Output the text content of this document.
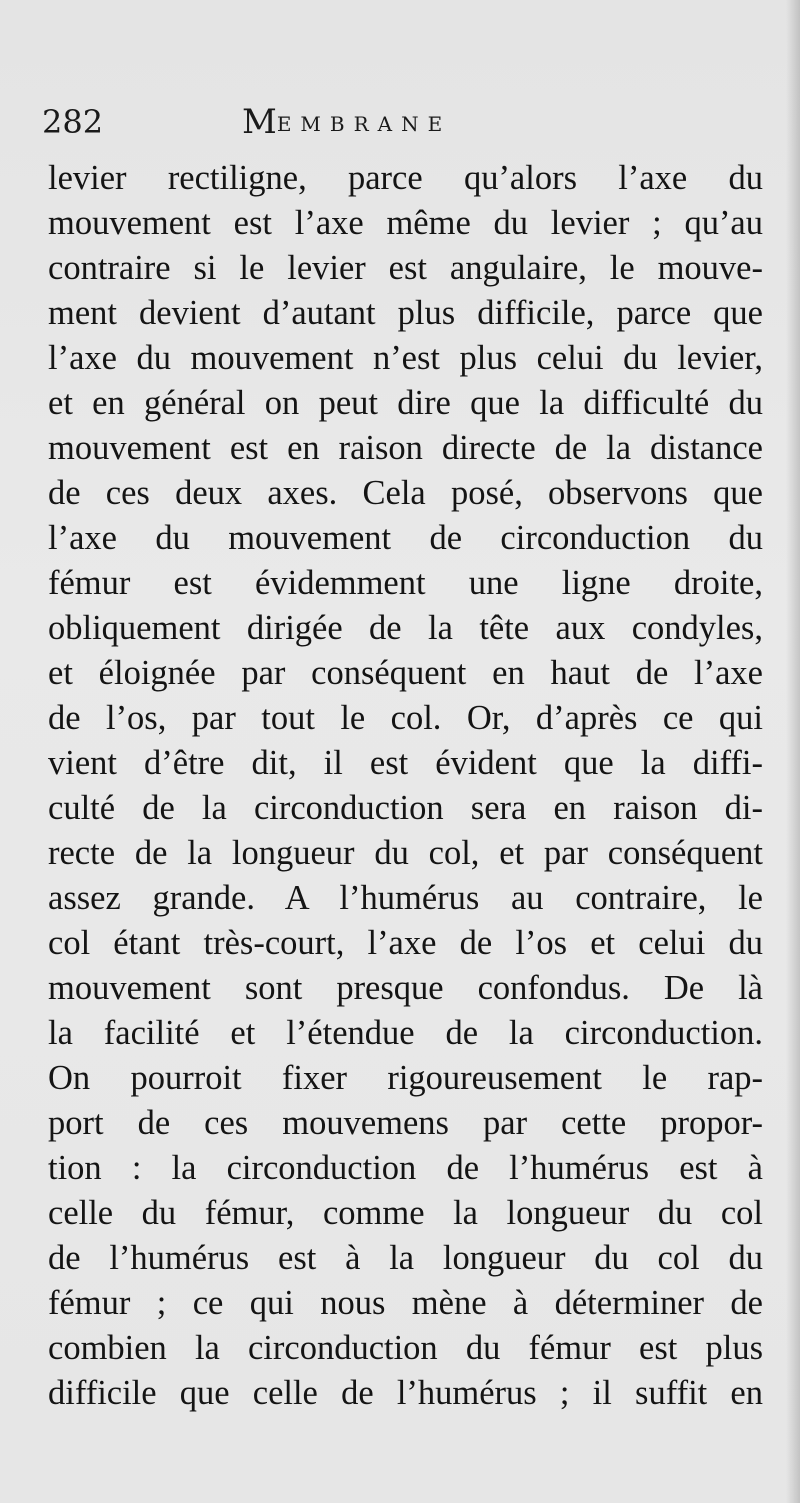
282	MEMBRANE
levier rectiligne, parce qu’alors l’axe du
mouvement est l’axe même du levier ; qu’au
contraire si le levier est angulaire, le mouve-
ment devient d’autant plus difficile, parce que
l’axe du mouvement n’est plus celui du levier,
et en général on peut dire que la difficulté du
mouvement est en raison directe de la distance
de ces deux axes. Cela posé, observons que
l’axe du mouvement de circonduction du
fémur est évidemment une ligne droite,
obliquement dirigée de la tête aux condyles,
et éloignée par conséquent en haut de l’axe
de l’os, par tout le col. Or, d’après ce qui
vient d’être dit, il est évident que la diffi-
culté de la circonduction sera en raison di-
recte de la longueur du col, et par conséquent
assez grande. A l’humérus au contraire, le
col étant très-court, l’axe de l’os et celui du
mouvement sont presque confondus. De là
la facilité et l’étendue de la circonduction.
On pourroit fixer rigoureusement le rap-
port de ces mouvemens par cette propor-
tion : la circonduction de l’humérus est à
celle du fémur, comme la longueur du col
de l’humérus est à la longueur du col du
fémur ; ce qui nous mène à déterminer de
combien la circonduction du fémur est plus
difficile que celle de l’humérus ; il suffit en
